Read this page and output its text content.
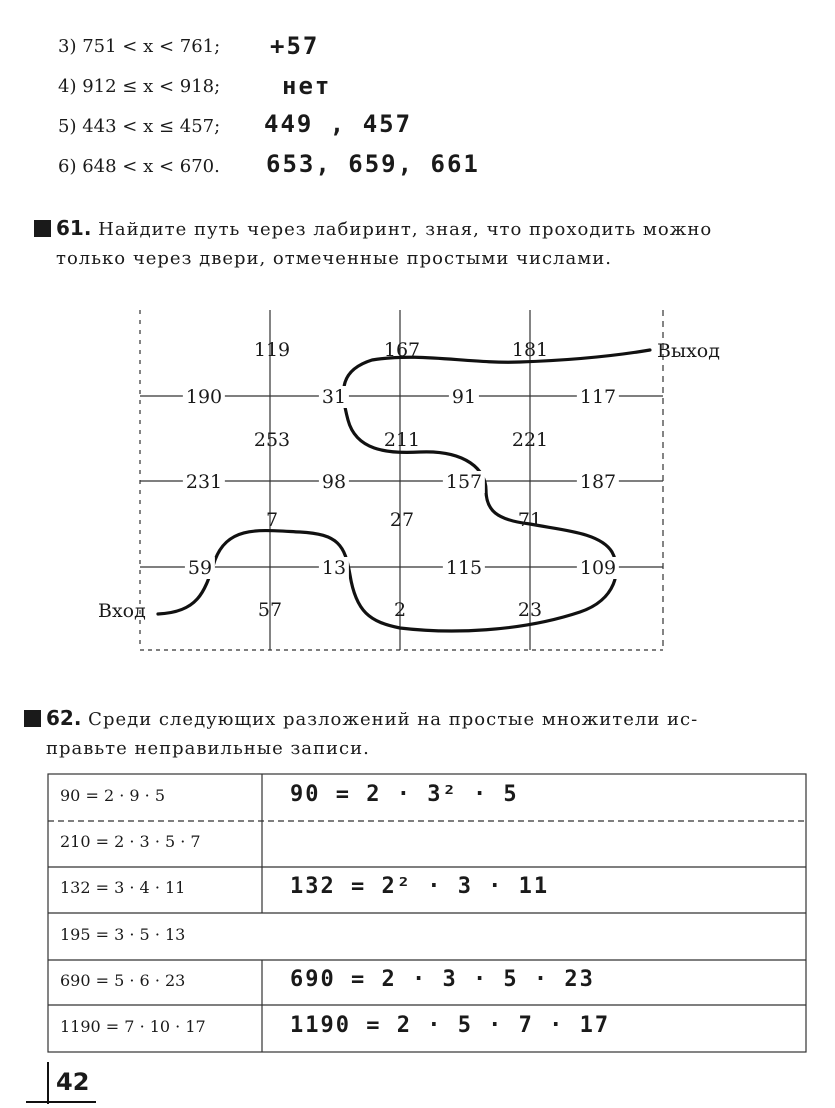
3) 751 < x < 761; +57
4) 912 ≤ x < 918;	нет
5) 443 < x ≤ 457; 449 , 457
6) 648 < x < 670. 653, 659, 661
61. Найдите путь через лабиринт, зная, что проходить можно
только через двери, отмеченные простыми числами.
119	167	181
190	31	91	117
253	211	221
231	98	157	187
7	27	71
59	13	115	109
57	2	23
Вход
Выход
62. Среди следующих разложений на простые множители ис-
правьте неправильные записи.
90 = 2 · 9 · 5	90 = 2 · 3² · 5
210 = 2 · 3 · 5 · 7
132 = 3 · 4 · 11	132 = 2² · 3 · 11
195 = 3 · 5 · 13
690 = 5 · 6 · 23	690 = 2 · 3 · 5 · 23
1190 = 7 · 10 · 17	1190 = 2 · 5 · 7 · 17
42
